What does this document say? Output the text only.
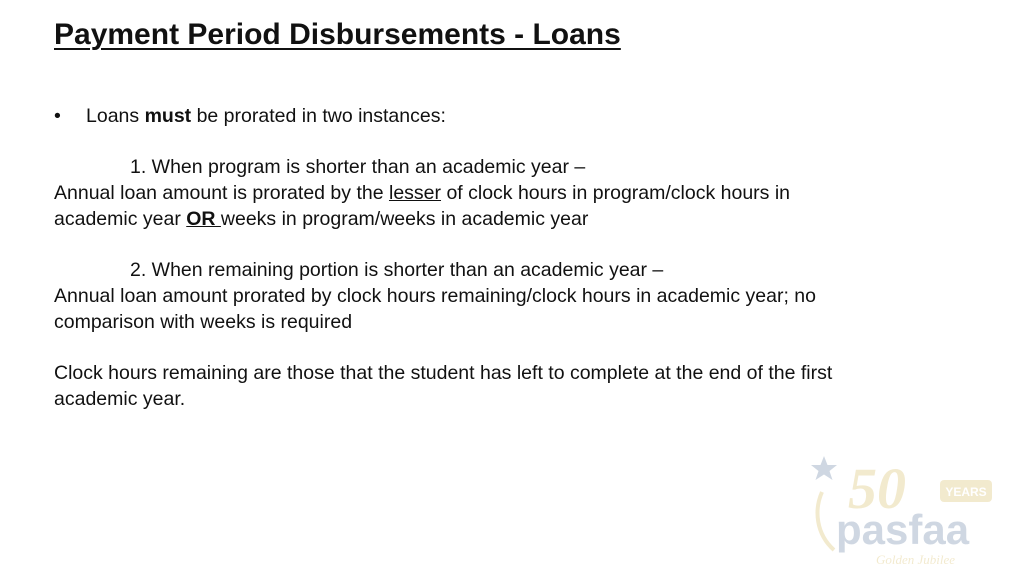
Payment Period Disbursements - Loans

• Loans must be prorated in two instances:

1. When program is shorter than an academic year –

Annual loan amount is prorated by the lesser of clock hours in program/clock hours in

academic year OR weeks in program/weeks in academic year

2. When remaining portion is shorter than an academic year –

Annual loan amount prorated by clock hours remaining/clock hours in academic year; no

comparison with weeks is required

Clock hours remaining are those that the student has left to complete at the end of the first

academic year.

50	YEARS
pasfaa
Golden Jubilee
